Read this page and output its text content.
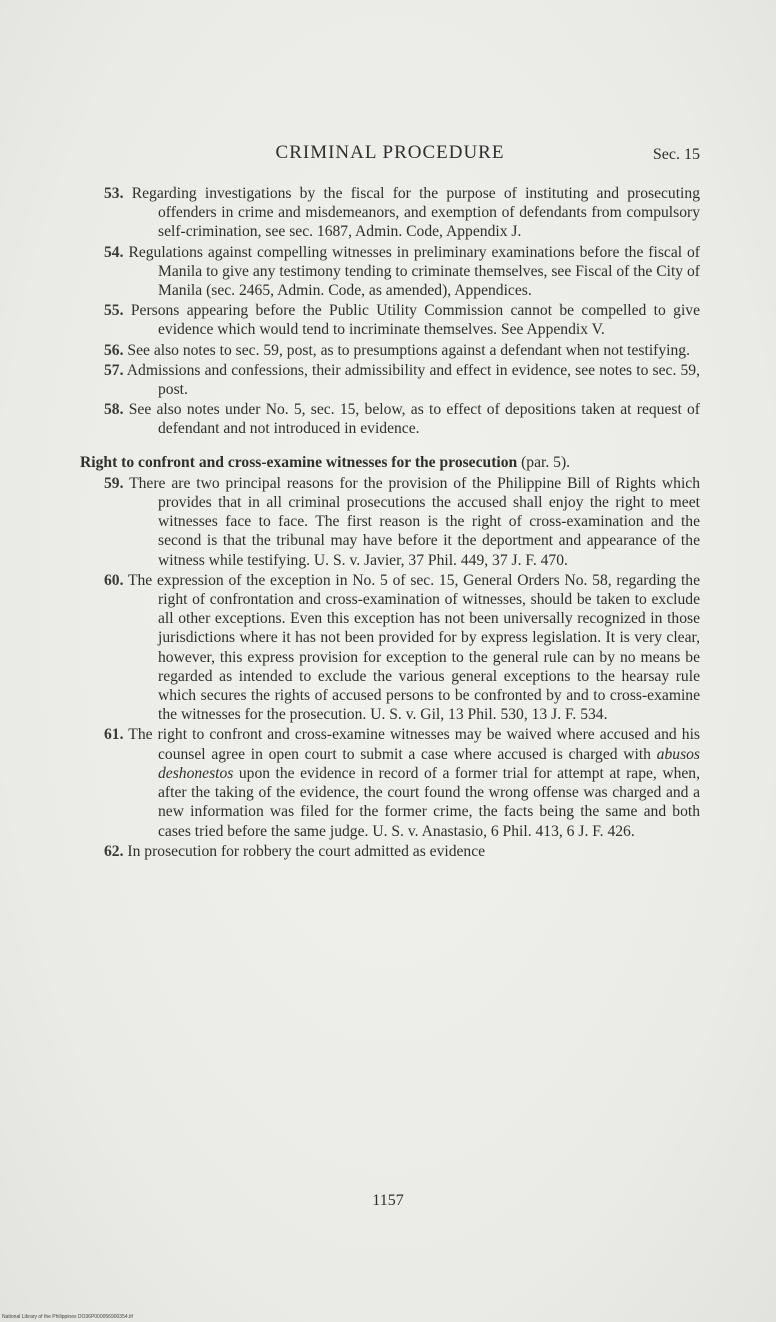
CRIMINAL PROCEDURE	Sec. 15
53. Regarding investigations by the fiscal for the purpose of instituting and prosecuting offenders in crime and misdemeanors, and exemption of defendants from compulsory self-crimination, see sec. 1687, Admin. Code, Appendix J.
54. Regulations against compelling witnesses in preliminary examinations before the fiscal of Manila to give any testimony tending to criminate themselves, see Fiscal of the City of Manila (sec. 2465, Admin. Code, as amended), Appendices.
55. Persons appearing before the Public Utility Commission cannot be compelled to give evidence which would tend to incriminate themselves. See Appendix V.
56. See also notes to sec. 59, post, as to presumptions against a defendant when not testifying.
57. Admissions and confessions, their admissibility and effect in evidence, see notes to sec. 59, post.
58. See also notes under No. 5, sec. 15, below, as to effect of depositions taken at request of defendant and not introduced in evidence.
Right to confront and cross-examine witnesses for the prosecution (par. 5).
59. There are two principal reasons for the provision of the Philippine Bill of Rights which provides that in all criminal prosecutions the accused shall enjoy the right to meet witnesses face to face. The first reason is the right of cross-examination and the second is that the tribunal may have before it the deportment and appearance of the witness while testifying. U. S. v. Javier, 37 Phil. 449, 37 J. F. 470.
60. The expression of the exception in No. 5 of sec. 15, General Orders No. 58, regarding the right of confrontation and cross-examination of witnesses, should be taken to exclude all other exceptions. Even this exception has not been universally recognized in those jurisdictions where it has not been provided for by express legislation. It is very clear, however, this express provision for exception to the general rule can by no means be regarded as intended to exclude the various general exceptions to the hearsay rule which secures the rights of accused persons to be confronted by and to cross-examine the witnesses for the prosecution. U. S. v. Gil, 13 Phil. 530, 13 J. F. 534.
61. The right to confront and cross-examine witnesses may be waived where accused and his counsel agree in open court to submit a case where accused is charged with abusos deshonestos upon the evidence in record of a former trial for attempt at rape, when, after the taking of the evidence, the court found the wrong offense was charged and a new information was filed for the former crime, the facts being the same and both cases tried before the same judge. U. S. v. Anastasio, 6 Phil. 413, 6 J. F. 426.
62. In prosecution for robbery the court admitted as evidence
1157
National Library of the Philippines DO36P000056900354.tif
